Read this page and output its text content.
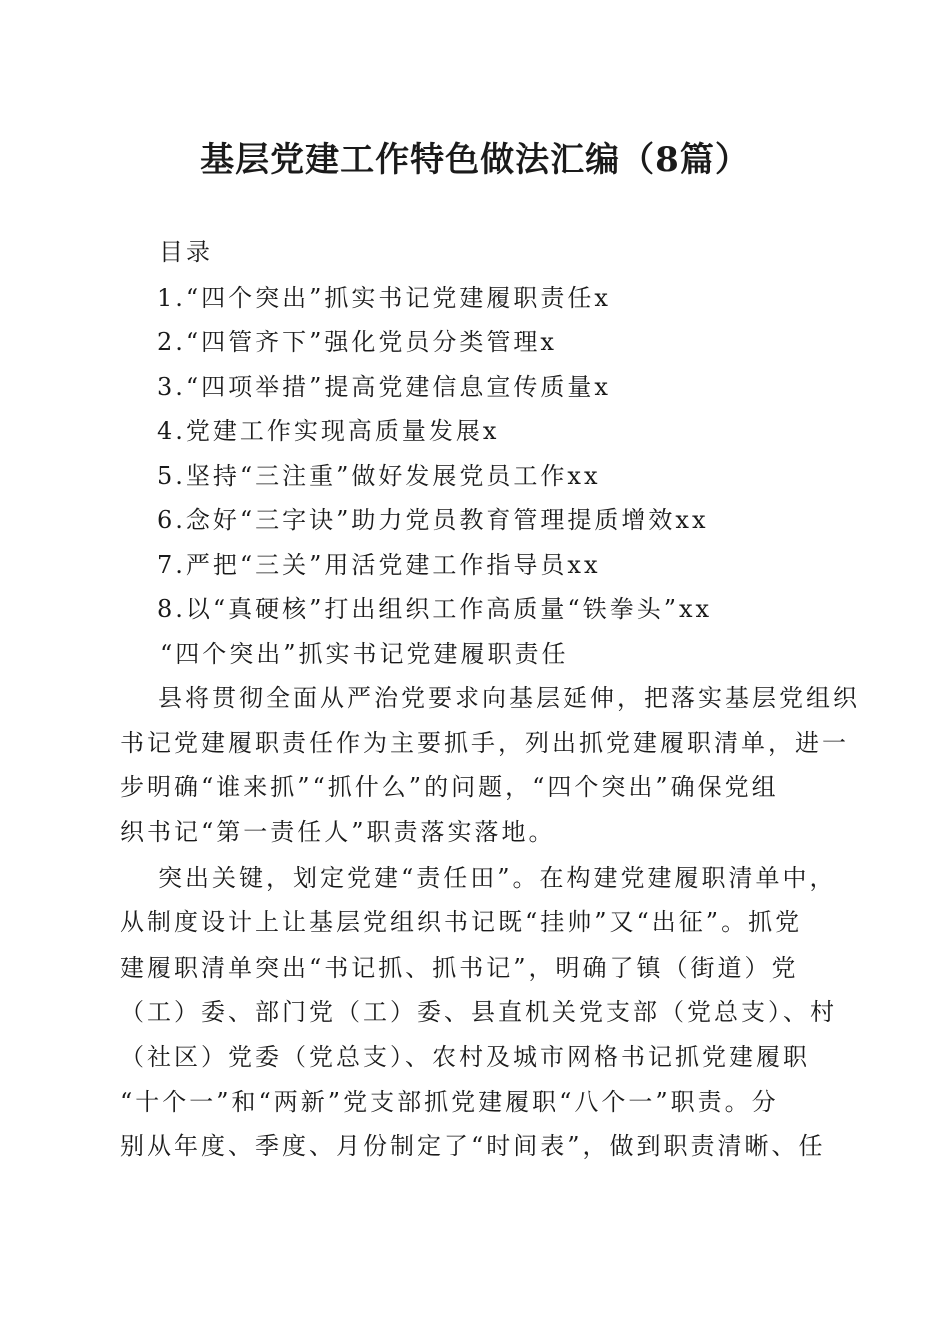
基层党建工作特色做法汇编（8篇）
目录
1.“四个突出”抓实书记党建履职责任x
2.“四管齐下”强化党员分类管理x
3.“四项举措”提高党建信息宣传质量x
4.党建工作实现高质量发展x
5.坚持“三注重”做好发展党员工作xx
6.念好“三字诀”助力党员教育管理提质增效xx
7.严把“三关”用活党建工作指导员xx
8.以“真硬核”打出组织工作高质量“铁拳头”xx
“四个突出”抓实书记党建履职责任
县将贯彻全面从严治党要求向基层延伸，把落实基层党组织
书记党建履职责任作为主要抓手，列出抓党建履职清单，进一
步明确“谁来抓”“抓什么”的问题，“四个突出”确保党组
织书记“第一责任人”职责落实落地。
突出关键，划定党建“责任田”。在构建党建履职清单中，
从制度设计上让基层党组织书记既“挂帅”又“出征”。抓党
建履职清单突出“书记抓、抓书记”，明确了镇（街道）党
（工）委、部门党（工）委、县直机关党支部（党总支）、村
（社区）党委（党总支）、农村及城市网格书记抓党建履职
“十个一”和“两新”党支部抓党建履职“八个一”职责。分
别从年度、季度、月份制定了“时间表”，做到职责清晰、任
